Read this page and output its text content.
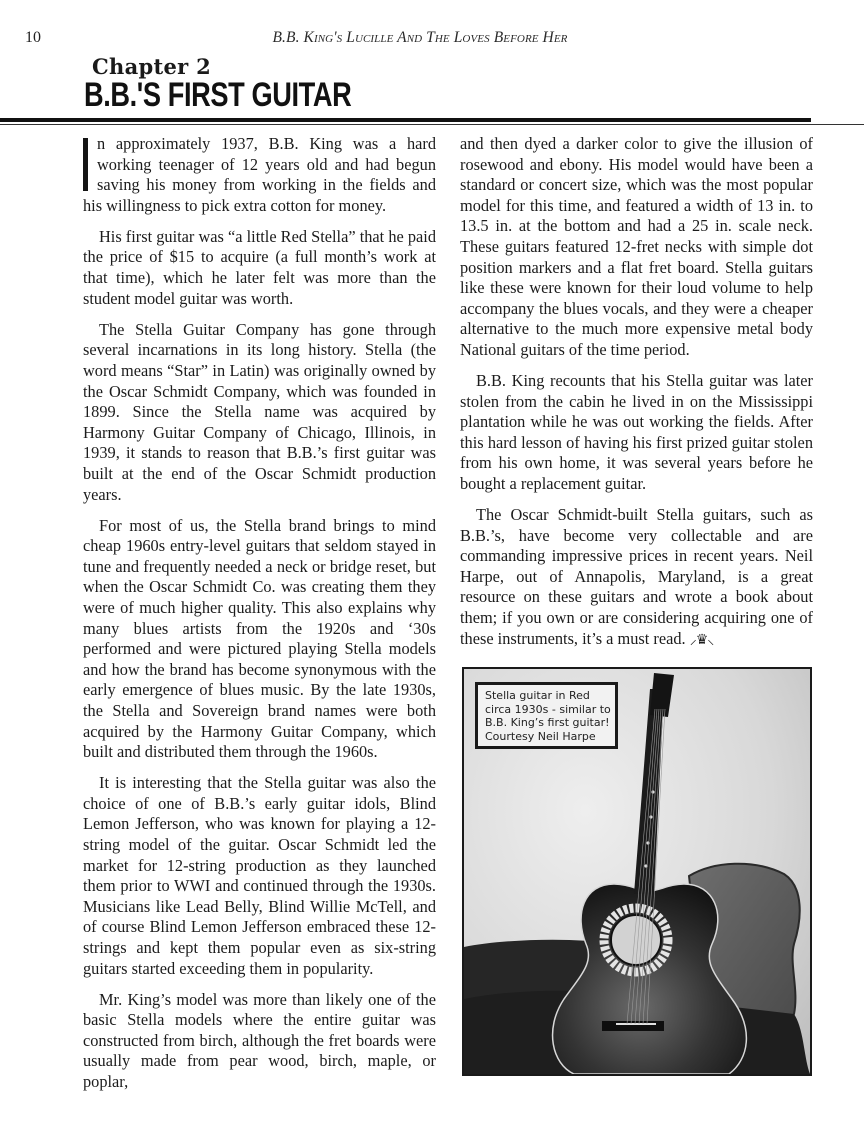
10	B.B. King's Lucille And The Loves Before Her
Chapter 2
B.B.'S FIRST GUITAR

n approximately 1937, B.B. King was a hard working teenager of 12 years old and had begun saving his money from working in the fields and his willingness to pick extra cotton for money.

His first guitar was “a little Red Stella” that he paid the price of $15 to acquire (a full month’s work at that time), which he later felt was more than the student model guitar was worth.

The Stella Guitar Company has gone through several incarnations in its long history. Stella (the word means “Star” in Latin) was originally owned by the Oscar Schmidt Company, which was founded in 1899. Since the Stella name was acquired by Harmony Guitar Company of Chicago, Illinois, in 1939, it stands to reason that B.B.’s first guitar was built at the end of the Oscar Schmidt production years.

For most of us, the Stella brand brings to mind cheap 1960s entry-level guitars that seldom stayed in tune and frequently needed a neck or bridge reset, but when the Oscar Schmidt Co. was creating them they were of much higher quality. This also explains why many blues artists from the 1920s and ‘30s performed and were pictured playing Stella models and how the brand has become synonymous with the early emergence of blues music. By the late 1930s, the Stella and Sovereign brand names were both acquired by the Harmony Guitar Company, which built and distributed them through the 1960s.

It is interesting that the Stella guitar was also the choice of one of B.B.’s early guitar idols, Blind Lemon Jefferson, who was known for playing a 12-string model of the guitar. Oscar Schmidt led the market for 12-string production as they launched them prior to WWI and continued through the 1930s. Musicians like Lead Belly, Blind Willie McTell, and of course Blind Lemon Jefferson embraced these 12-strings and kept them popular even as six-string guitars started exceeding them in popularity.

Mr. King’s model was more than likely one of the basic Stella models where the entire guitar was constructed from birch, although the fret boards were usually made from pear wood, birch, maple, or poplar,

and then dyed a darker color to give the illusion of rosewood and ebony. His model would have been a standard or concert size, which was the most popular model for this time, and featured a width of 13 in. to 13.5 in. at the bottom and had a 25 in. scale neck. These guitars featured 12-fret necks with simple dot position markers and a flat fret board. Stella guitars like these were known for their loud volume to help accompany the blues vocals, and they were a cheaper alternative to the much more expensive metal body National guitars of the time period.

B.B. King recounts that his Stella guitar was later stolen from the cabin he lived in on the Mississippi plantation while he was out working the fields. After this hard lesson of having his first prized guitar stolen from his own home, it was several years before he bought a replacement guitar.

The Oscar Schmidt-built Stella guitars, such as B.B.’s, have become very collectable and are commanding impressive prices in recent years. Neil Harpe, out of Annapolis, Maryland, is a great resource on these guitars and wrote a book about them; if you own or are considering acquiring one of these instruments, it’s a must read. ⸝♛⸜

Stella guitar in Red
circa 1930s - similar to
B.B. King’s first guitar!
Courtesy Neil Harpe
